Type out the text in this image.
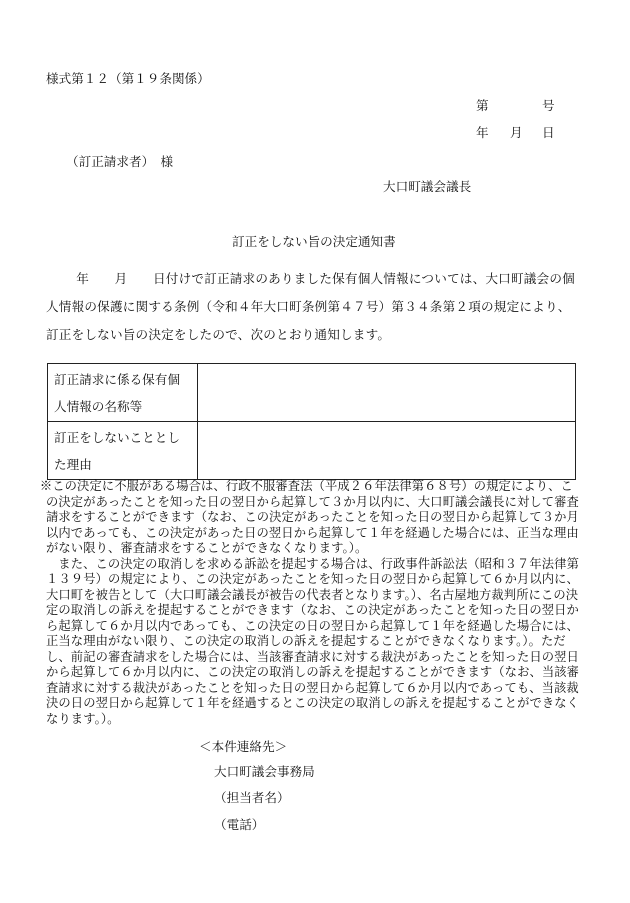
様式第１２（第１９条関係）
第	号
年 月 日
（訂正請求者）　様
大口町議会議長
訂正をしない旨の決定通知書
年　　月　　日付けで訂正請求のありました保有個人情報については、大口町議会の個人情報の保護に関する条例（令和４年大口町条例第４７号）第３４条第２項の規定により、訂正をしない旨の決定をしたので、次のとおり通知します。
訂正請求に係る保有個人情報の名称等	
訂正をしないこととした理由	

※この決定に不服がある場合は、行政不服審査法（平成２６年法律第６８号）の規定により、この決定があったことを知った日の翌日から起算して３か月以内に、大口町議会議長に対して審査請求をすることができます（なお、この決定があったことを知った日の翌日から起算して３か月以内であっても、この決定があった日の翌日から起算して１年を経過した場合には、正当な理由がない限り、審査請求をすることができなくなります。）。

また、この決定の取消しを求める訴訟を提起する場合は、行政事件訴訟法（昭和３７年法律第１３９号）の規定により、この決定があったことを知った日の翌日から起算して６か月以内に、大口町を被告として（大口町議会議長が被告の代表者となります。）、名古屋地方裁判所にこの決定の取消しの訴えを提起することができます（なお、この決定があったことを知った日の翌日から起算して６か月以内であっても、この決定の日の翌日から起算して１年を経過した場合には、正当な理由がない限り、この決定の取消しの訴えを提起することができなくなります。）。ただし、前記の審査請求をした場合には、当該審査請求に対する裁決があったことを知った日の翌日から起算して６か月以内に、この決定の取消しの訴えを提起することができます（なお、当該審査請求に対する裁決があったことを知った日の翌日から起算して６か月以内であっても、当該裁決の日の翌日から起算して１年を経過するとこの決定の取消しの訴えを提起することができなくなります。）。

＜本件連絡先＞
大口町議会事務局
（担当者名）
（電話）
